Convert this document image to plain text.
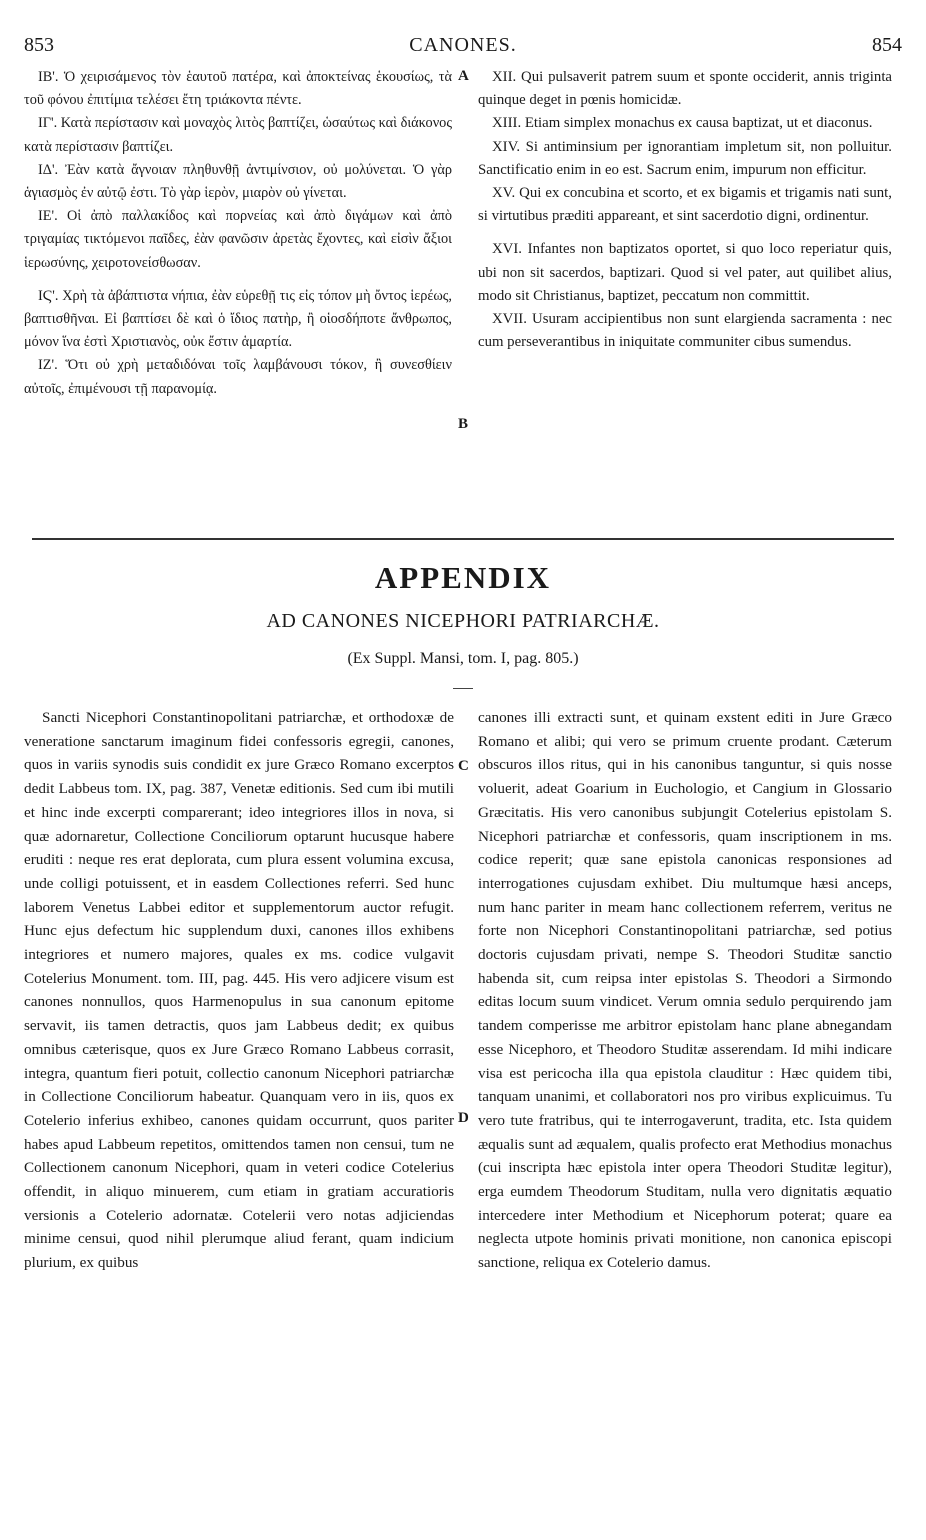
853	CANONES.	854

ΙΒ'. Ὁ χειρισάμενος τὸν ἑαυτοῦ πατέρα, καὶ ἀποκτείνας ἑκουσίως, τὰ τοῦ φόνου ἐπιτίμια τελέσει ἔτη τριάκοντα πέντε.

ΙΓ'. Κατὰ περίστασιν καὶ μοναχὸς λιτὸς βαπτίζει, ὡσαύτως καὶ διάκονος κατὰ περίστασιν βαπτίζει.

ΙΔ'. Ἐὰν κατὰ ἄγνοιαν πληθυνθῇ ἀντιμίνσιον, οὐ μολύνεται. Ὁ γὰρ ἁγιασμὸς ἐν αὐτῷ ἐστι. Τὸ γὰρ ἱερὸν, μιαρὸν οὐ γίνεται.

ΙΕ'. Οἱ ἀπὸ παλλακίδος καὶ πορνείας καὶ ἀπὸ διγάμων καὶ ἀπὸ τριγαμίας τικτόμενοι παῖδες, ἐὰν φανῶσιν ἀρετὰς ἔχοντες, καὶ εἰσὶν ἄξιοι ἱερωσύνης, χειροτονείσθωσαν.

ΙϚ'. Χρὴ τὰ ἀβάπτιστα νήπια, ἐὰν εὑρεθῇ τις εἰς τόπον μὴ ὄντος ἱερέως, βαπτισθῆναι. Εἰ βαπτίσει δὲ καὶ ὁ ἴδιος πατὴρ, ἢ οἱοσδήποτε ἄνθρωπος, μόνον ἵνα ἐστὶ Χριστιανὸς, οὐκ ἔστιν ἁμαρτία.

ΙΖ'. Ὅτι οὐ χρὴ μεταδιδόναι τοῖς λαμβάνουσι τόκον, ἢ συνεσθίειν αὐτοῖς, ἐπιμένουσι τῇ παρανομίᾳ.

XII. Qui pulsaverit patrem suum et sponte occiderit, annis triginta quinque deget in pœnis homicidæ.

XIII. Etiam simplex monachus ex causa baptizat, ut et diaconus.

XIV. Si antiminsium per ignorantiam impletum sit, non polluitur. Sanctificatio enim in eo est. Sacrum enim, impurum non efficitur.

XV. Qui ex concubina et scorto, et ex bigamis et trigamis nati sunt, si virtutibus præditi appareant, et sint sacerdotio digni, ordinentur.

XVI. Infantes non baptizatos oportet, si quo loco reperiatur quis, ubi non sit sacerdos, baptizari. Quod si vel pater, aut quilibet alius, modo sit Christianus, baptizet, peccatum non committit.

XVII. Usuram accipientibus non sunt elargienda sacramenta : nec cum perseverantibus in iniquitate communiter cibus sumendus.

A
B
APPENDIX
AD CANONES NICEPHORI PATRIARCHÆ.
(Ex Suppl. Mansi, tom. I, pag. 805.)

Sancti Nicephori Constantinopolitani patriarchæ, et orthodoxæ de veneratione sanctarum imaginum fidei confessoris egregii, canones, quos in variis synodis suis condidit ex jure Græco Romano excerptos dedit Labbeus tom. IX, pag. 387, Venetæ editionis. Sed cum ibi mutili et hinc inde excerpti comparerant; ideo integriores illos in nova, si quæ adornaretur, Collectione Conciliorum optarunt hucusque habere eruditi : neque res erat deplorata, cum plura essent volumina excusa, unde colligi potuissent, et in easdem Collectiones referri. Sed hunc laborem Venetus Labbei editor et supplementorum auctor refugit. Hunc ejus defectum hic supplendum duxi, canones illos exhibens integriores et numero majores, quales ex ms. codice vulgavit Cotelerius Monument. tom. III, pag. 445. His vero adjicere visum est canones nonnullos, quos Harmenopulus in sua canonum epitome servavit, iis tamen detractis, quos jam Labbeus dedit; ex quibus omnibus cæterisque, quos ex Jure Græco Romano Labbeus corrasit, integra, quantum fieri potuit, collectio canonum Nicephori patriarchæ in Collectione Conciliorum habeatur. Quanquam vero in iis, quos ex Cotelerio inferius exhibeo, canones quidam occurrunt, quos pariter habes apud Labbeum repetitos, omittendos tamen non censui, tum ne Collectionem canonum Nicephori, quam in veteri codice Cotelerius offendit, in aliquo minuerem, cum etiam in gratiam accuratioris versionis a Cotelerio adornatæ. Cotelerii vero notas adjiciendas minime censui, quod nihil plerumque aliud ferant, quam indicium plurium, ex quibus

canones illi extracti sunt, et quinam exstent editi in Jure Græco Romano et alibi; qui vero se primum cruente prodant. Cæterum obscuros illos ritus, qui in his canonibus tanguntur, si quis nosse voluerit, adeat Goarium in Euchologio, et Cangium in Glossario Græcitatis. His vero canonibus subjungit Cotelerius epistolam S. Nicephori patriarchæ et confessoris, quam inscriptionem in ms. codice reperit; quæ sane epistola canonicas responsiones ad interrogationes cujusdam exhibet. Diu multumque hæsi anceps, num hanc pariter in meam hanc collectionem referrem, veritus ne forte non Nicephori Constantinopolitani patriarchæ, sed potius doctoris cujusdam privati, nempe S. Theodori Studitæ sanctio habenda sit, cum reipsa inter epistolas S. Theodori a Sirmondo editas locum suum vindicet. Verum omnia sedulo perquirendo jam tandem comperisse me arbitror epistolam hanc plane abnegandam esse Nicephoro, et Theodoro Studitæ asserendam. Id mihi indicare visa est pericocha illa qua epistola clauditur : Hæc quidem tibi, tanquam unanimi, et collaboratori nos pro viribus explicuimus. Tu vero tute fratribus, qui te interrogaverunt, tradita, etc. Ista quidem æqualis sunt ad æqualem, qualis profecto erat Methodius monachus (cui inscripta hæc epistola inter opera Theodori Studitæ legitur), erga eumdem Theodorum Studitam, nulla vero dignitatis æquatio intercedere inter Methodium et Nicephorum poterat; quare ea neglecta utpote hominis privati monitione, non canonica episcopi sanctione, reliqua ex Cotelerio damus.

C
D
